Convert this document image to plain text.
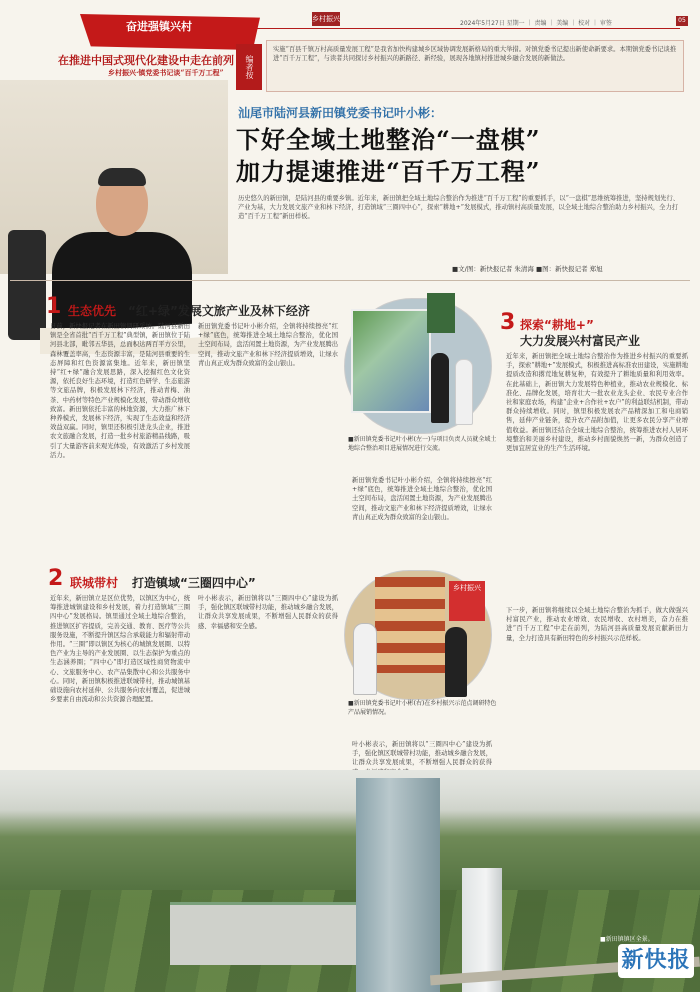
乡村振兴
2024年5月27日 星期一 ｜ 责编 ｜ 美编 ｜ 校对 ｜ 审签	05
奋进强镇兴村
在推进中国式现代化建设中走在前列
乡村振兴·镇党委书记谈“百千万工程”	编者按
实施“百县千镇万村高质量发展工程”是我省加快构建城乡区域协调发展新格局的重大举措。对镇党委书记提出新使命新要求。本期镇党委书记谈推进“百千万工程”，与读者共同探讨乡村振兴的新路径、新经验，展现各地镇村推进城乡融合发展的新做法。
汕尾市陆河县新田镇党委书记叶小彬：
下好全域土地整治“一盘棋”
加力提速推进“百千万工程”
历史悠久的新田镇，是陆河县的重要乡镇。近年来，新田镇把全域土地综合整治作为推进“百千万工程”的重要抓手，以“一盘棋”思维统筹推进，坚持规划先行、产业为基，大力发展文旅产业和林下经济，打造镇域“三圈四中心”，探索“耕地+”发展模式，推动镇村高质量发展，以全域土地综合整治助力乡村振兴，全力打造“百千万工程”新田样板。
■文/图：新快报记者 朱清海 ■图：新快报记者 郑旭
1 生态优先 “红+绿”发展文旅产业及林下经济
日前，新快报记者在新田镇调研采访。陆河县新田镇是全省首批“百千万工程”典型镇，新田镇位于陆河县北部，毗邻五华县，总面积达两百平方公里，森林覆盖率高，生态资源丰富，是陆河县重要的生态屏障和红色资源富集地。近年来，新田镇坚持“红+绿”融合发展思路，深入挖掘红色文化资源，依托良好生态环境，打造红色研学、生态旅游等文旅品牌，积极发展林下经济，推动青梅、油茶、中药材等特色产业规模化发展，带动群众增收致富。新田镇依托丰富的林地资源，大力推广林下种养模式，发展林下经济，实现了生态效益和经济效益双赢。同时，镇里还积极引进龙头企业，推进农文旅融合发展，打造一批乡村旅游精品线路，吸引了大量游客前来观光体验，有效激活了乡村发展活力。
新田镇党委书记叶小彬介绍，全镇将持续擦亮“红+绿”底色，统筹推进全域土地综合整治，优化国土空间布局，盘活闲置土地资源，为产业发展腾出空间，推动文旅产业和林下经济提质增效，让绿水青山真正成为群众致富的金山银山。
新田镇党委书记叶小彬介绍，全镇将持续擦亮“红+绿”底色，统筹推进全域土地综合整治，优化国土空间布局，盘活闲置土地资源，为产业发展腾出空间，推动文旅产业和林下经济提质增效，让绿水青山真正成为群众致富的金山银山。
■新田镇党委书记叶小彬(左一)与项目负责人员就全域土地综合整治项目进展情况进行交流。
2 联城带村 打造镇域“三圈四中心”
近年来，新田镇立足区位优势，以镇区为中心，统筹推进城镇建设和乡村发展，着力打造镇域“三圈四中心”发展格局。镇里通过全域土地综合整治，推进镇区扩容提质，完善交通、教育、医疗等公共服务设施，不断提升镇区综合承载能力和辐射带动作用。“三圈”即以镇区为核心的城镇发展圈、以特色产业为主导的产业发展圈、以生态保护为重点的生态涵养圈；“四中心”即打造区域性商贸物流中心、文旅服务中心、农产品集散中心和公共服务中心。同时，新田镇积极推进联城带村，推动城镇基础设施向农村延伸、公共服务向农村覆盖，促进城乡要素自由流动和公共资源合理配置。
叶小彬表示，新田镇将以“三圈四中心”建设为抓手，强化镇区联城带村功能，推动城乡融合发展，让群众共享发展成果，不断增强人民群众的获得感、幸福感和安全感。
叶小彬表示，新田镇将以“三圈四中心”建设为抓手，强化镇区联城带村功能，推动城乡融合发展，让群众共享发展成果，不断增强人民群众的获得
乡村振兴
■新田镇党委书记叶小彬(右)在乡村振兴示范点调研特色产品展销情况。
3 探索“耕地+”
大力发展兴村富民产业
近年来，新田镇把全域土地综合整治作为推进乡村振兴的重要抓手，探索“耕地+”发展模式，积极推进高标准农田建设，实施耕地提质改造和撂荒地复耕复种，有效提升了耕地质量和利用效率。在此基础上，新田镇大力发展特色种植业，推动农业规模化、标准化、品牌化发展，培育壮大一批农业龙头企业、农民专业合作社和家庭农场，构建“企业+合作社+农户”的利益联结机制，带动群众持续增收。同时，镇里积极发展农产品精深加工和电商销售，延伸产业链条，提升农产品附加值，让更多农民分享产业增值收益。新田镇还结合全域土地综合整治，统筹推进农村人居环境整治和美丽乡村建设，推动乡村面貌焕然一新，为群众创造了更加宜居宜业的生产生活环境。
下一步，新田镇将继续以全域土地综合整治为抓手，做大做强兴村富民产业，推动农业增效、农民增收、农村增美，奋力在推进“百千万工程”中走在前列，为陆河县高质量发展贡献新田力量，全力打造具有新田特色的乡村振兴示范样板。
■新田镇镇区全景。
新快报
